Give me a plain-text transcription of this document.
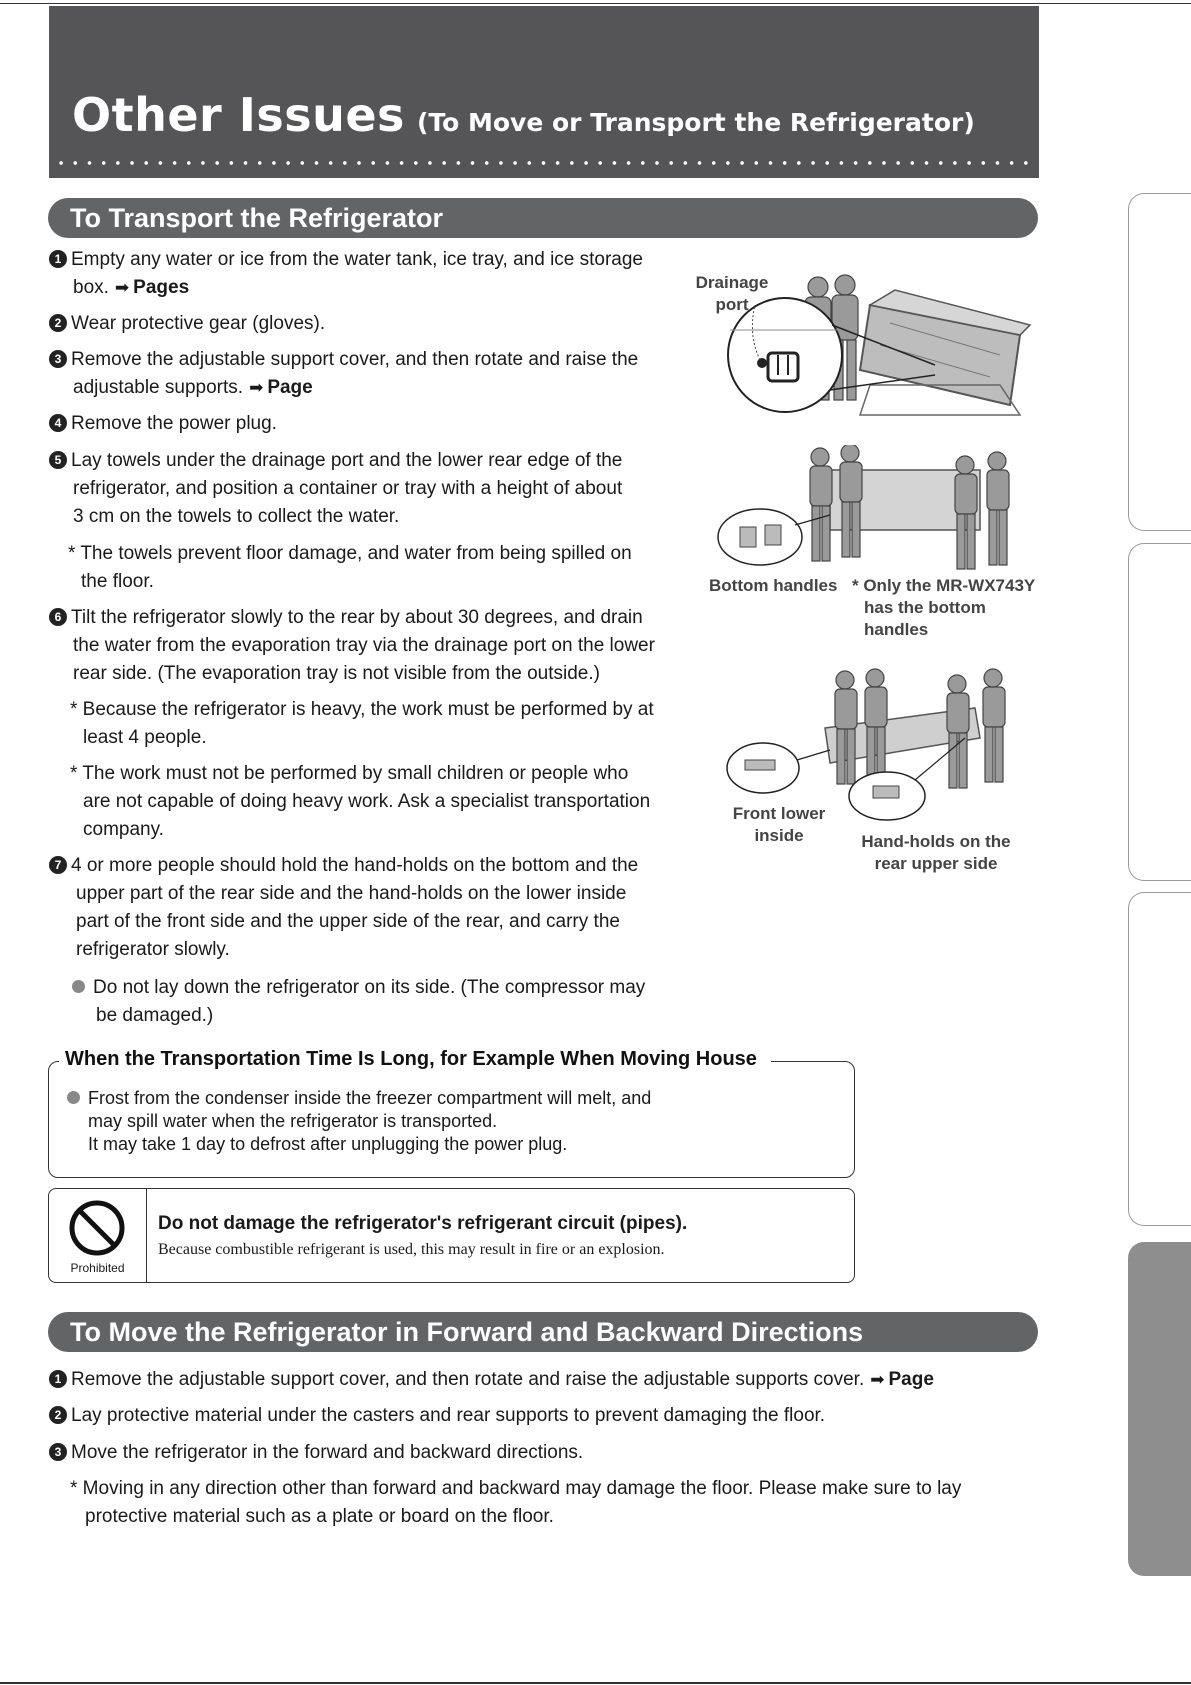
Other Issues (To Move or Transport the Refrigerator)
To Transport the Refrigerator
1 Empty any water or ice from the water tank, ice tray, and ice storage
box. ➡ Pages
2 Wear protective gear (gloves).
3 Remove the adjustable support cover, and then rotate and raise the
adjustable supports. ➡ Page
4 Remove the power plug.
5 Lay towels under the drainage port and the lower rear edge of the
refrigerator, and position a container or tray with a height of about
3 cm on the towels to collect the water.
* The towels prevent floor damage, and water from being spilled on
the floor.
6 Tilt the refrigerator slowly to the rear by about 30 degrees, and drain
the water from the evaporation tray via the drainage port on the lower
rear side. (The evaporation tray is not visible from the outside.)
* Because the refrigerator is heavy, the work must be performed by at
least 4 people.
* The work must not be performed by small children or people who
are not capable of doing heavy work. Ask a specialist transportation
company.
7 4 or more people should hold the hand-holds on the bottom and the
upper part of the rear side and the hand-holds on the lower inside
part of the front side and the upper side of the rear, and carry the
refrigerator slowly.
Do not lay down the refrigerator on its side. (The compressor may
be damaged.)
Drainage
port
Bottom handles * Only the MR-WX743Y
has the bottom
handles
Front lower
inside	Hand-holds on the
rear upper side
When the Transportation Time Is Long, for Example When Moving House
Frost from the condenser inside the freezer compartment will melt, and
may spill water when the refrigerator is transported.
It may take 1 day to defrost after unplugging the power plug.
Prohibited
Do not damage the refrigerator's refrigerant circuit (pipes).
Because combustible refrigerant is used, this may result in fire or an explosion.
To Move the Refrigerator in Forward and Backward Directions
1 Remove the adjustable support cover, and then rotate and raise the adjustable supports cover. ➡ Page
2 Lay protective material under the casters and rear supports to prevent damaging the floor.
3 Move the refrigerator in the forward and backward directions.
* Moving in any direction other than forward and backward may damage the floor. Please make sure to lay
protective material such as a plate or board on the floor.
